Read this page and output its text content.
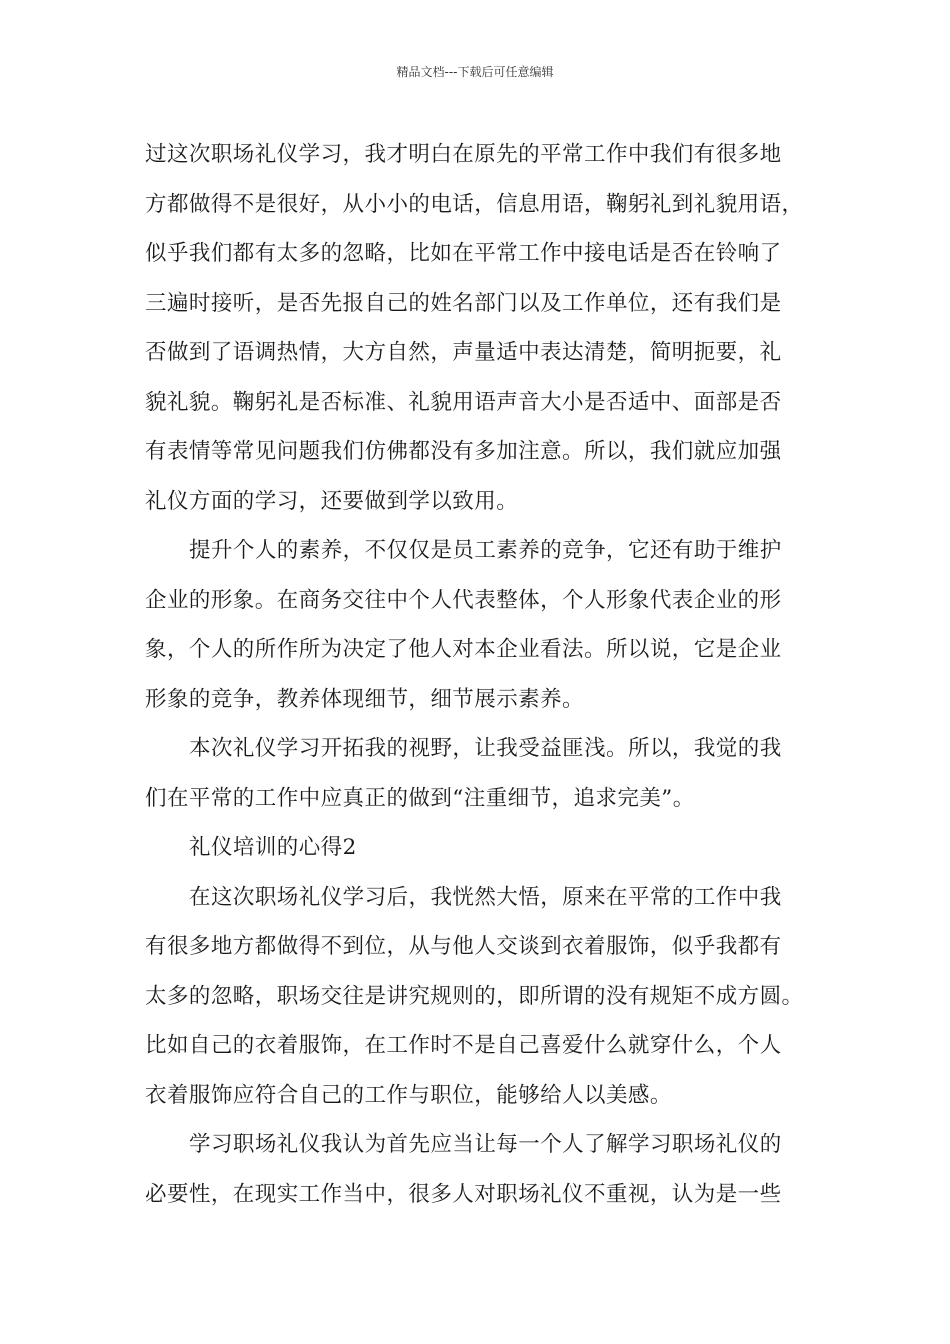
精品文档---下载后可任意编辑
过这次职场礼仪学习，我才明白在原先的平常工作中我们有很多地
方都做得不是很好，从小小的电话，信息用语，鞠躬礼到礼貌用语，
似乎我们都有太多的忽略，比如在平常工作中接电话是否在铃响了
三遍时接听，是否先报自己的姓名部门以及工作单位，还有我们是
否做到了语调热情，大方自然，声量适中表达清楚，简明扼要，礼
貌礼貌。鞠躬礼是否标准、礼貌用语声音大小是否适中、面部是否
有表情等常见问题我们仿佛都没有多加注意。所以，我们就应加强
礼仪方面的学习，还要做到学以致用。
提升个人的素养，不仅仅是员工素养的竞争，它还有助于维护
企业的形象。在商务交往中个人代表整体，个人形象代表企业的形
象，个人的所作所为决定了他人对本企业看法。所以说，它是企业
形象的竞争，教养体现细节，细节展示素养。
本次礼仪学习开拓我的视野，让我受益匪浅。所以，我觉的我
们在平常的工作中应真正的做到“注重细节，追求完美”。
礼仪培训的心得2
在这次职场礼仪学习后，我恍然大悟，原来在平常的工作中我
有很多地方都做得不到位，从与他人交谈到衣着服饰，似乎我都有
太多的忽略，职场交往是讲究规则的，即所谓的没有规矩不成方圆。
比如自己的衣着服饰，在工作时不是自己喜爱什么就穿什么，个人
衣着服饰应符合自己的工作与职位，能够给人以美感。
学习职场礼仪我认为首先应当让每一个人了解学习职场礼仪的
必要性，在现实工作当中，很多人对职场礼仪不重视，认为是一些
